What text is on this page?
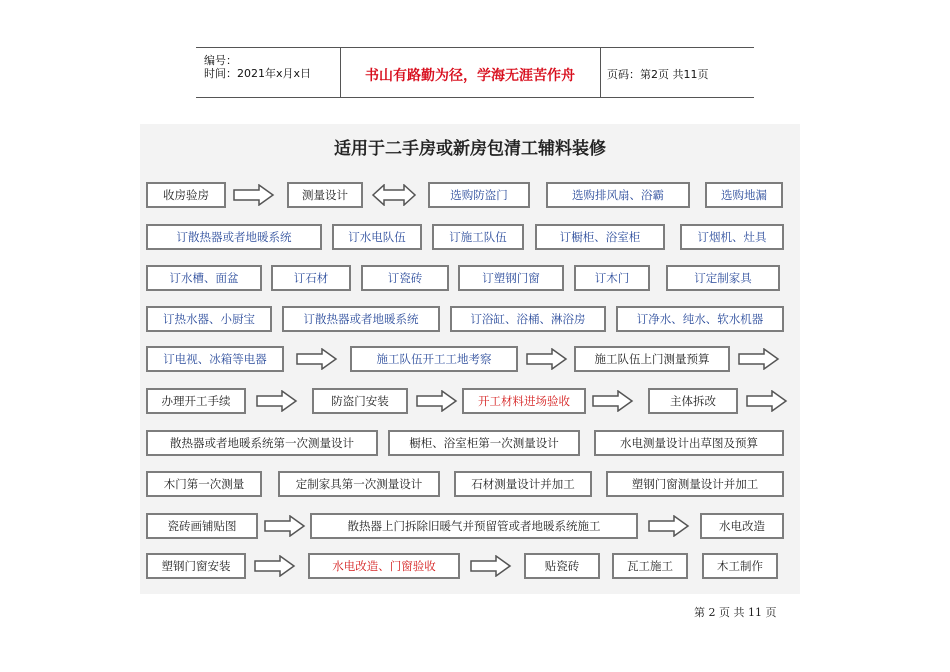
编号：
时间：2021年x月x日	书山有路勤为径，学海无涯苦作舟	页码：第2页 共11页
适用于二手房或新房包清工辅料装修
收房验房	测量设计	选购防盗门	选购排风扇、浴霸	选购地漏
订散热器或者地暖系统	订水电队伍	订施工队伍	订橱柜、浴室柜	订烟机、灶具
订水槽、面盆	订石材	订瓷砖	订塑钢门窗	订木门	订定制家具
订热水器、小厨宝	订散热器或者地暖系统	订浴缸、浴桶、淋浴房	订净水、纯水、软水机器
订电视、冰箱等电器	施工队伍开工工地考察	施工队伍上门测量预算
办理开工手续	防盗门安装	开工材料进场验收	主体拆改
散热器或者地暖系统第一次测量设计	橱柜、浴室柜第一次测量设计	水电测量设计出草图及预算
木门第一次测量	定制家具第一次测量设计	石材测量设计并加工	塑钢门窗测量设计并加工
瓷砖画铺贴图	散热器上门拆除旧暖气并预留管或者地暖系统施工	水电改造
塑钢门窗安装	水电改造、门窗验收	贴瓷砖	瓦工施工	木工制作
第 2 页 共 11 页
